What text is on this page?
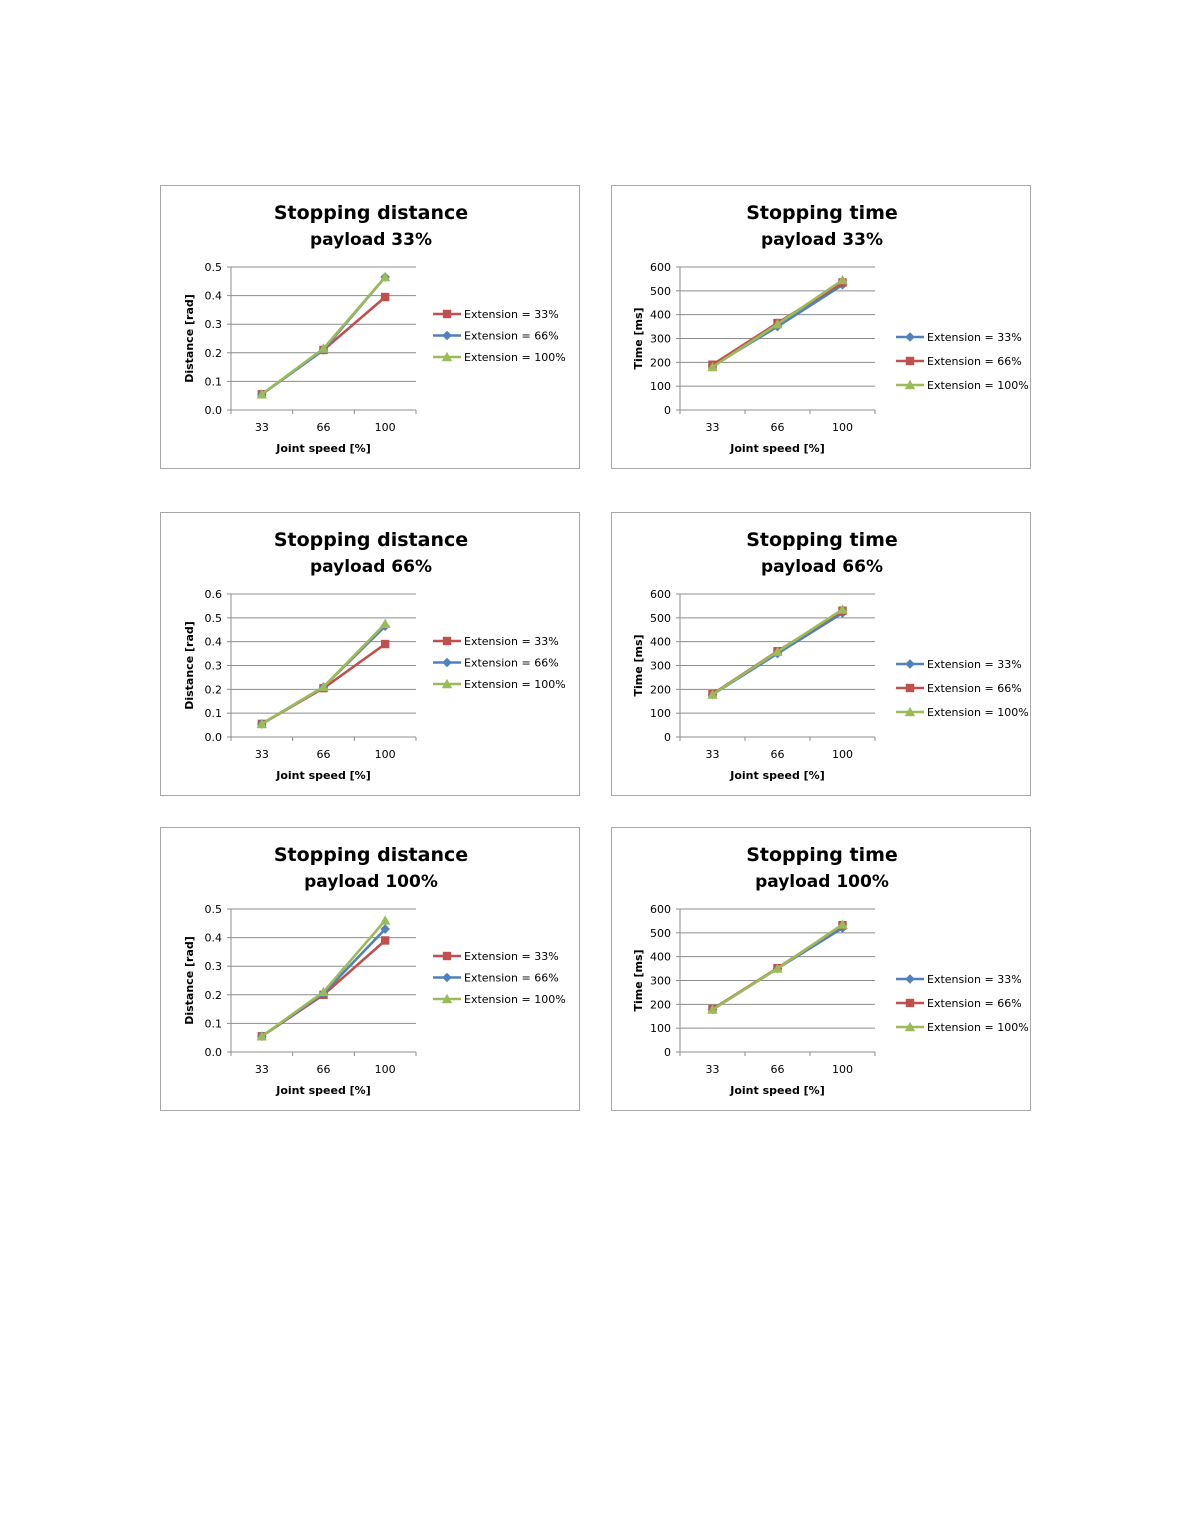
Stopping distance
payload 33%
0.0
0.1
0.2
0.3
0.4
0.5
33	66	100
Joint speed [%]
Distance [rad]	Extension = 33%
Extension = 66%
Extension = 100%
Stopping time
payload 33%
0
100
200
300
400
500
600
33	66	100
Joint speed [%]
Time [ms]	Extension = 33%
Extension = 66%
Extension = 100%
Stopping distance
payload 66%
0.0
0.1
0.2
0.3
0.4
0.5
0.6
33	66	100
Joint speed [%]
Distance [rad]	Extension = 33%
Extension = 66%
Extension = 100%
Stopping time
payload 66%
0
100
200
300
400
500
600
33	66	100
Joint speed [%]
Time [ms]	Extension = 33%
Extension = 66%
Extension = 100%
Stopping distance
payload 100%
0.0
0.1
0.2
0.3
0.4
0.5
33	66	100
Joint speed [%]
Distance [rad]	Extension = 33%
Extension = 66%
Extension = 100%
Stopping time
payload 100%
0
100
200
300
400
500
600
33	66	100
Joint speed [%]
Time [ms]	Extension = 33%
Extension = 66%
Extension = 100%
